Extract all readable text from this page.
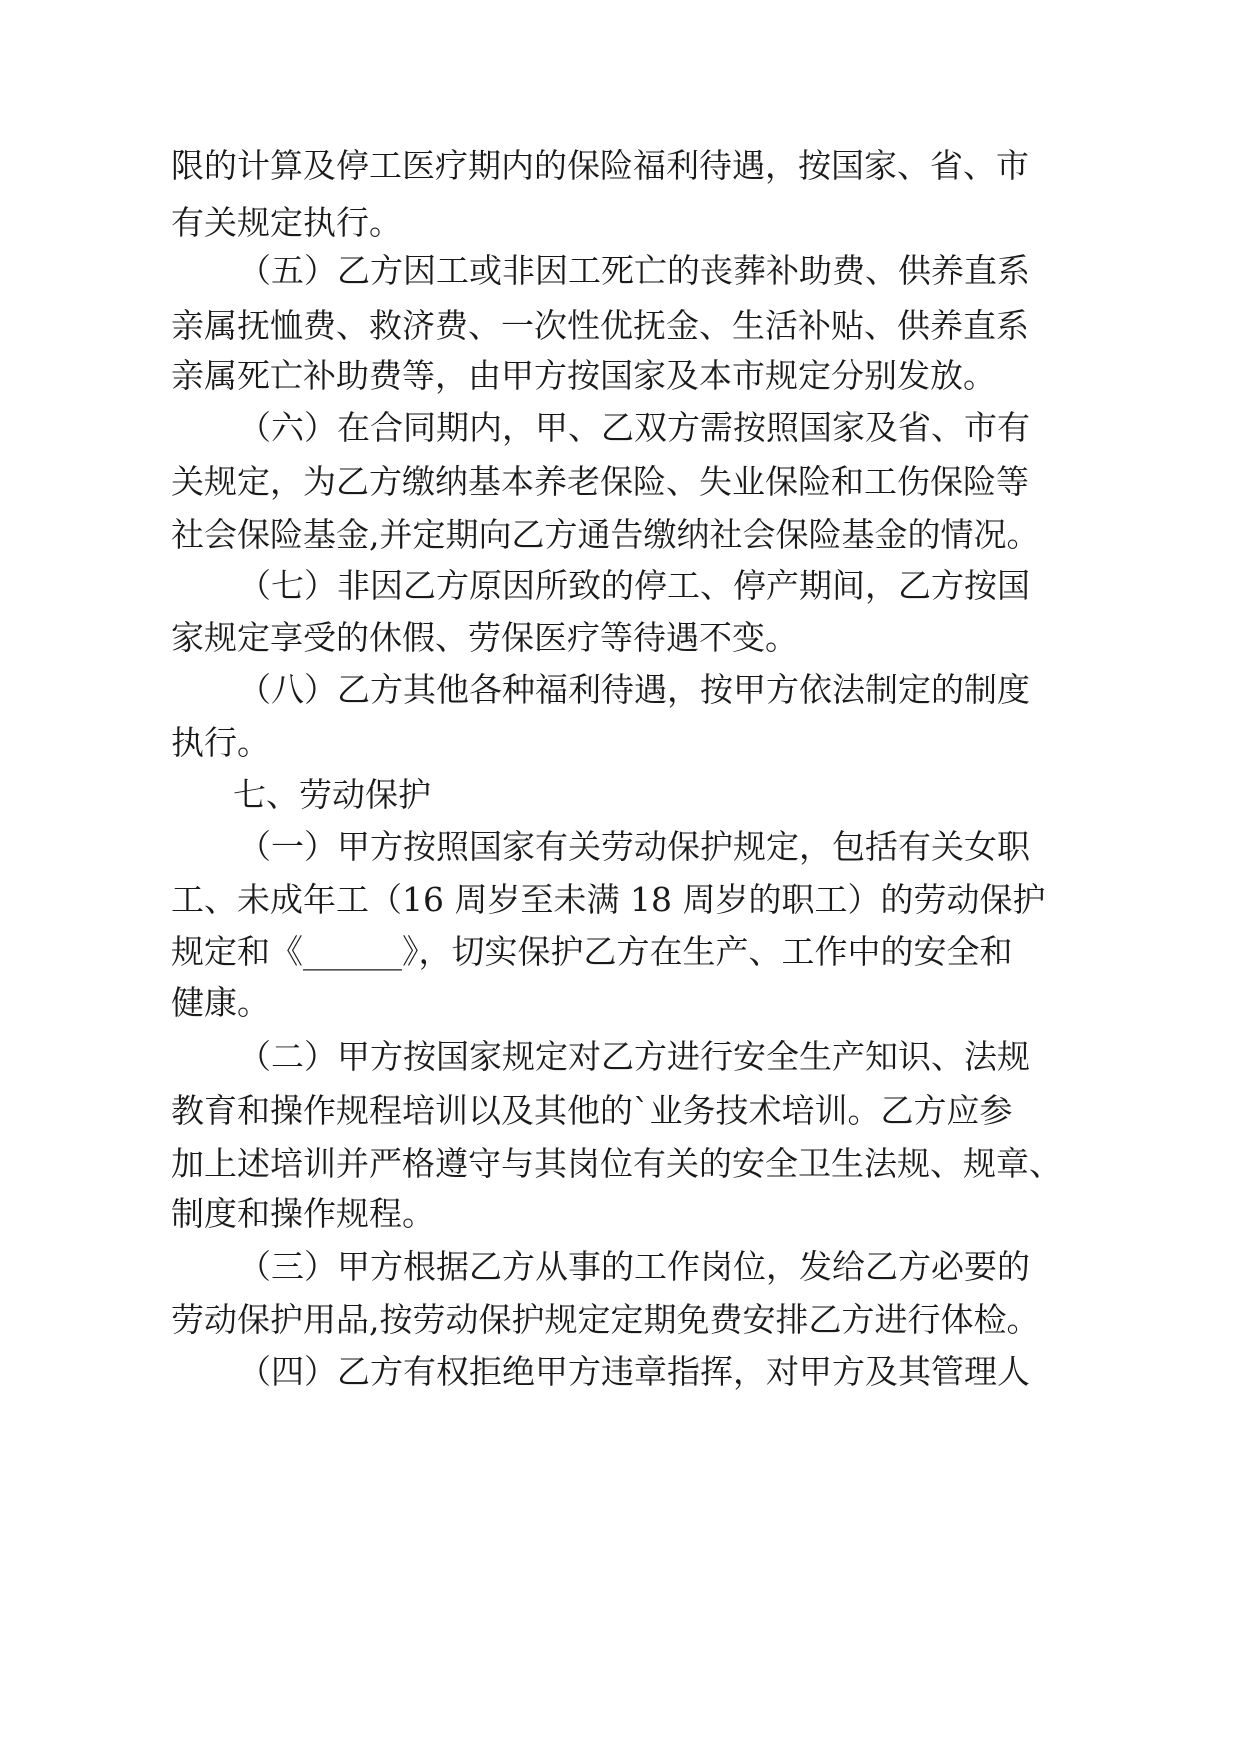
限的计算及停工医疗期内的保险福利待遇，按国家、省、市
有关规定执行。
（五）乙方因工或非因工死亡的丧葬补助费、供养直系
亲属抚恤费、救济费、一次性优抚金、生活补贴、供养直系
亲属死亡补助费等，由甲方按国家及本市规定分别发放。
（六）在合同期内，甲、乙双方需按照国家及省、市有
关规定，为乙方缴纳基本养老保险、失业保险和工伤保险等
社会保险基金,并定期向乙方通告缴纳社会保险基金的情况。
（七）非因乙方原因所致的停工、停产期间，乙方按国
家规定享受的休假、劳保医疗等待遇不变。
（八）乙方其他各种福利待遇，按甲方依法制定的制度
执行。
七、劳动保护
（一）甲方按照国家有关劳动保护规定，包括有关女职
工、未成年工（16 周岁至未满 18 周岁的职工）的劳动保护
规定和《______》，切实保护乙方在生产、工作中的安全和
健康。
（二）甲方按国家规定对乙方进行安全生产知识、法规
教育和操作规程培训以及其他的`业务技术培训。乙方应参
加上述培训并严格遵守与其岗位有关的安全卫生法规、规章、
制度和操作规程。
（三）甲方根据乙方从事的工作岗位，发给乙方必要的
劳动保护用品,按劳动保护规定定期免费安排乙方进行体检。
（四）乙方有权拒绝甲方违章指挥，对甲方及其管理人
